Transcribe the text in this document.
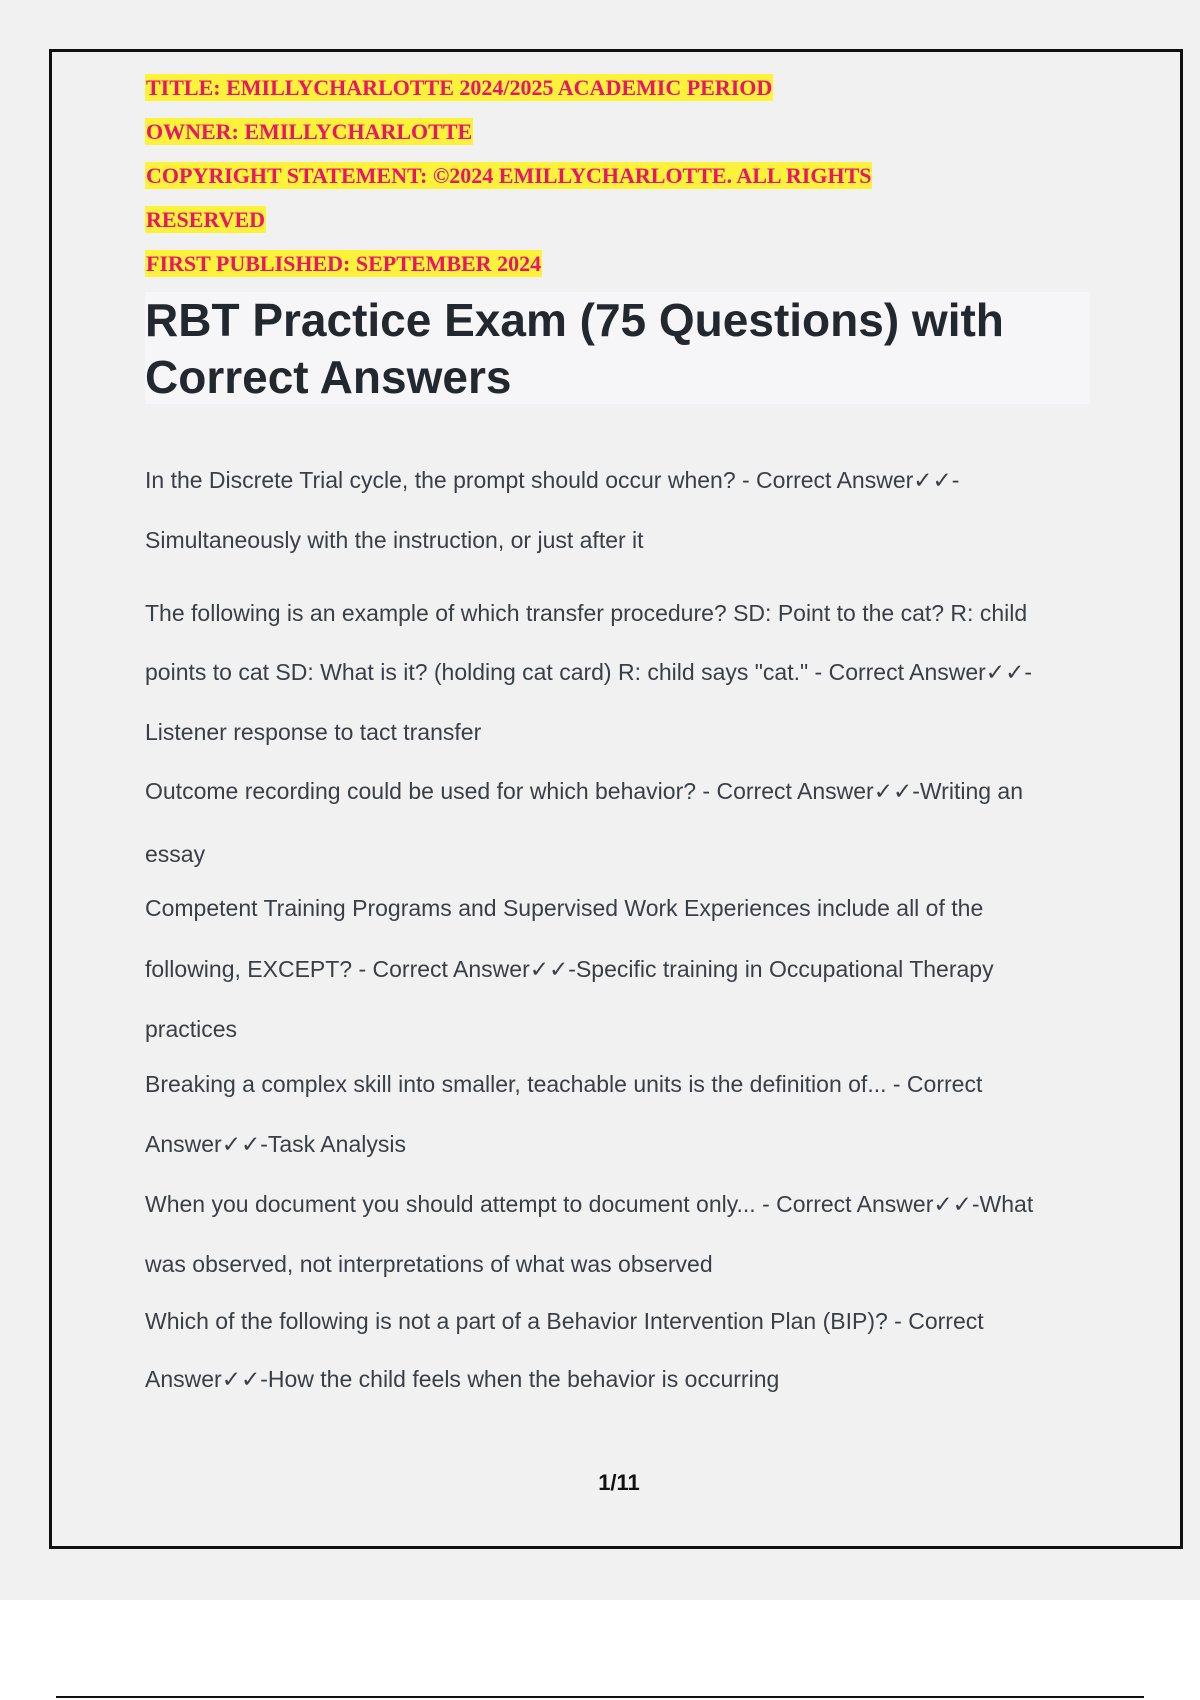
TITLE: EMILLYCHARLOTTE 2024/2025 ACADEMIC PERIOD
OWNER: EMILLYCHARLOTTE
COPYRIGHT STATEMENT: ©2024 EMILLYCHARLOTTE. ALL RIGHTS
RESERVED
FIRST PUBLISHED: SEPTEMBER 2024
RBT Practice Exam (75 Questions) with
Correct Answers
In the Discrete Trial cycle, the prompt should occur when? - Correct Answer✓✓-
Simultaneously with the instruction, or just after it
The following is an example of which transfer procedure? SD: Point to the cat? R: child
points to cat SD: What is it? (holding cat card) R: child says "cat." - Correct Answer✓✓-
Listener response to tact transfer
Outcome recording could be used for which behavior? - Correct Answer✓✓-Writing an
essay
Competent Training Programs and Supervised Work Experiences include all of the
following, EXCEPT? - Correct Answer✓✓-Specific training in Occupational Therapy
practices
Breaking a complex skill into smaller, teachable units is the definition of... - Correct
Answer✓✓-Task Analysis
When you document you should attempt to document only... - Correct Answer✓✓-What
was observed, not interpretations of what was observed
Which of the following is not a part of a Behavior Intervention Plan (BIP)? - Correct
Answer✓✓-How the child feels when the behavior is occurring
1/11
